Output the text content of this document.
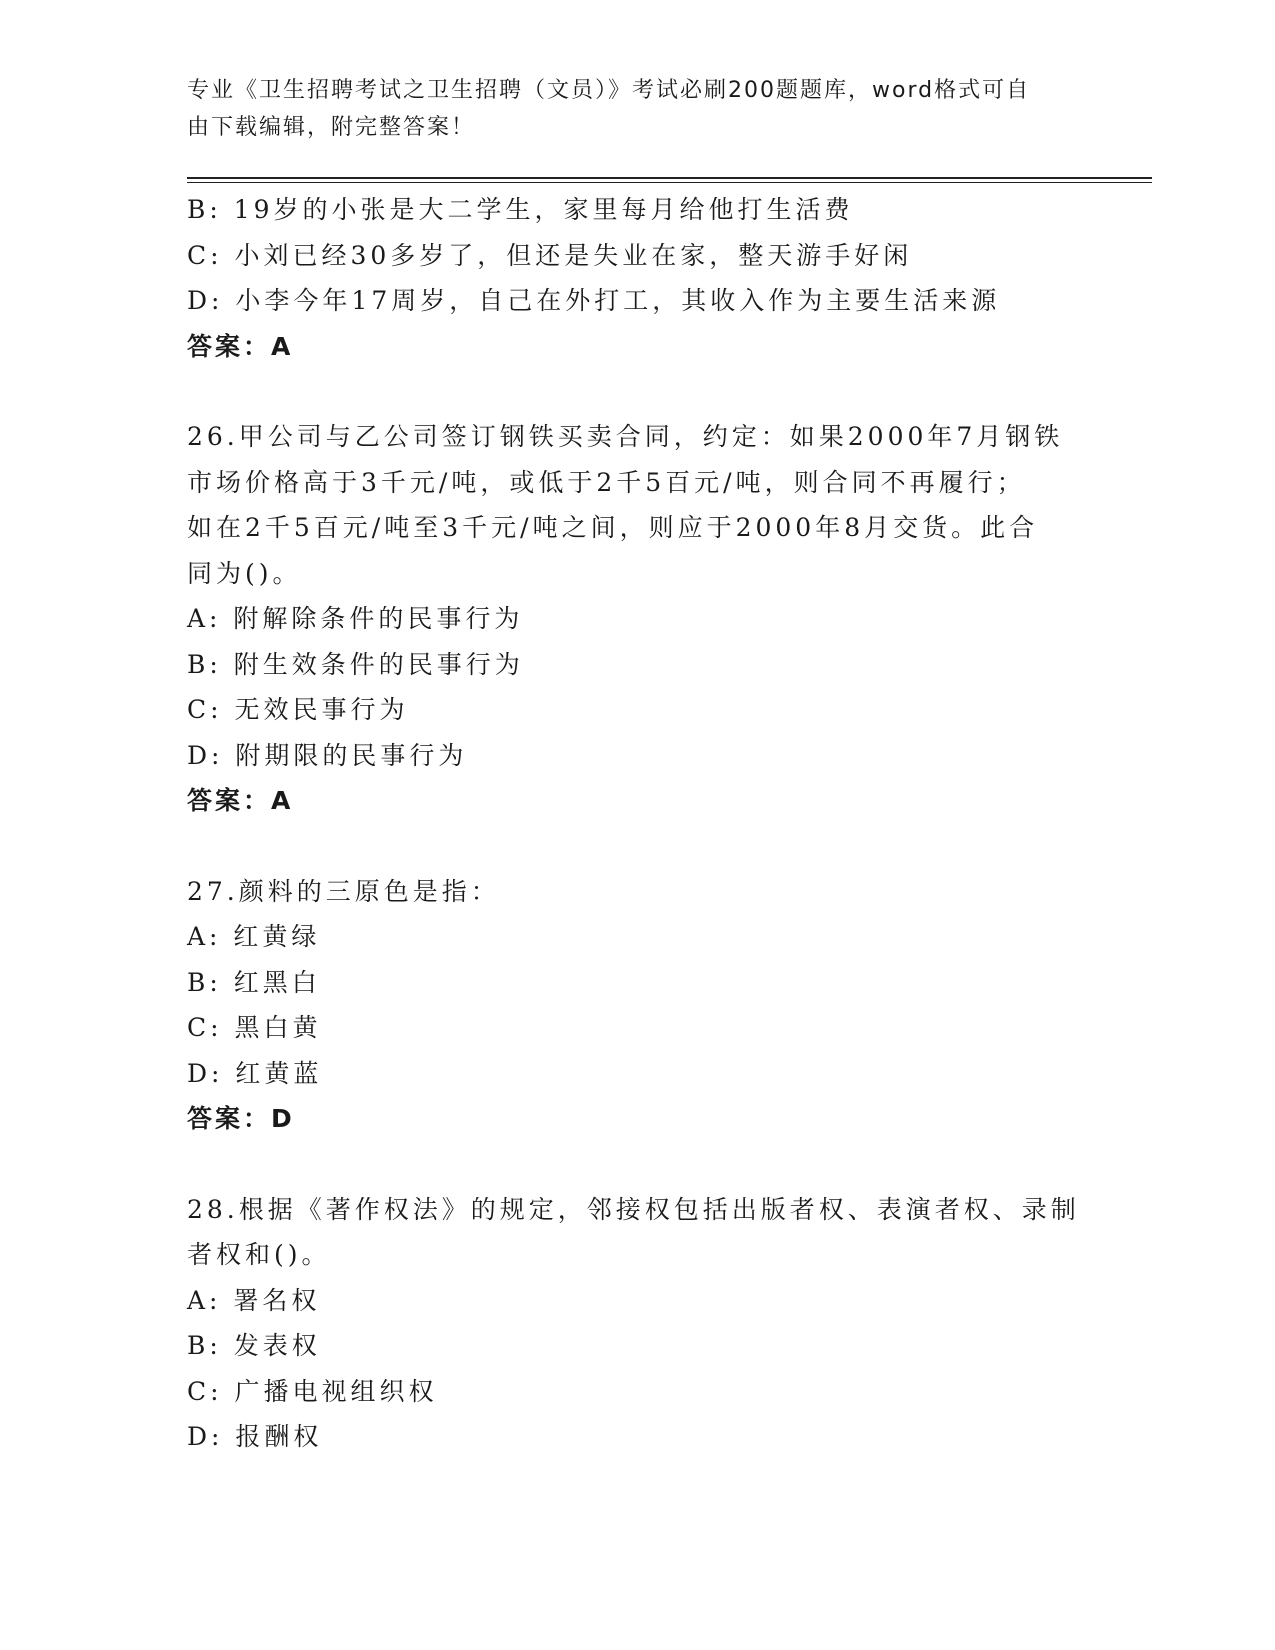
专业《卫生招聘考试之卫生招聘（文员）》考试必刷200题题库，word格式可自
由下载编辑，附完整答案！
B: 19岁的小张是大二学生，家里每月给他打生活费
C: 小刘已经30多岁了，但还是失业在家，整天游手好闲
D: 小李今年17周岁，自己在外打工，其收入作为主要生活来源
答案：A
26.甲公司与乙公司签订钢铁买卖合同，约定：如果2000年7月钢铁
市场价格高于3千元/吨，或低于2千5百元/吨，则合同不再履行；
如在2千5百元/吨至3千元/吨之间，则应于2000年8月交货。此合
同为()。
A: 附解除条件的民事行为
B: 附生效条件的民事行为
C: 无效民事行为
D: 附期限的民事行为
答案：A
27.颜料的三原色是指：
A: 红黄绿
B: 红黑白
C: 黑白黄
D: 红黄蓝
答案：D
28.根据《著作权法》的规定，邻接权包括出版者权、表演者权、录制
者权和()。
A: 署名权
B: 发表权
C: 广播电视组织权
D: 报酬权
